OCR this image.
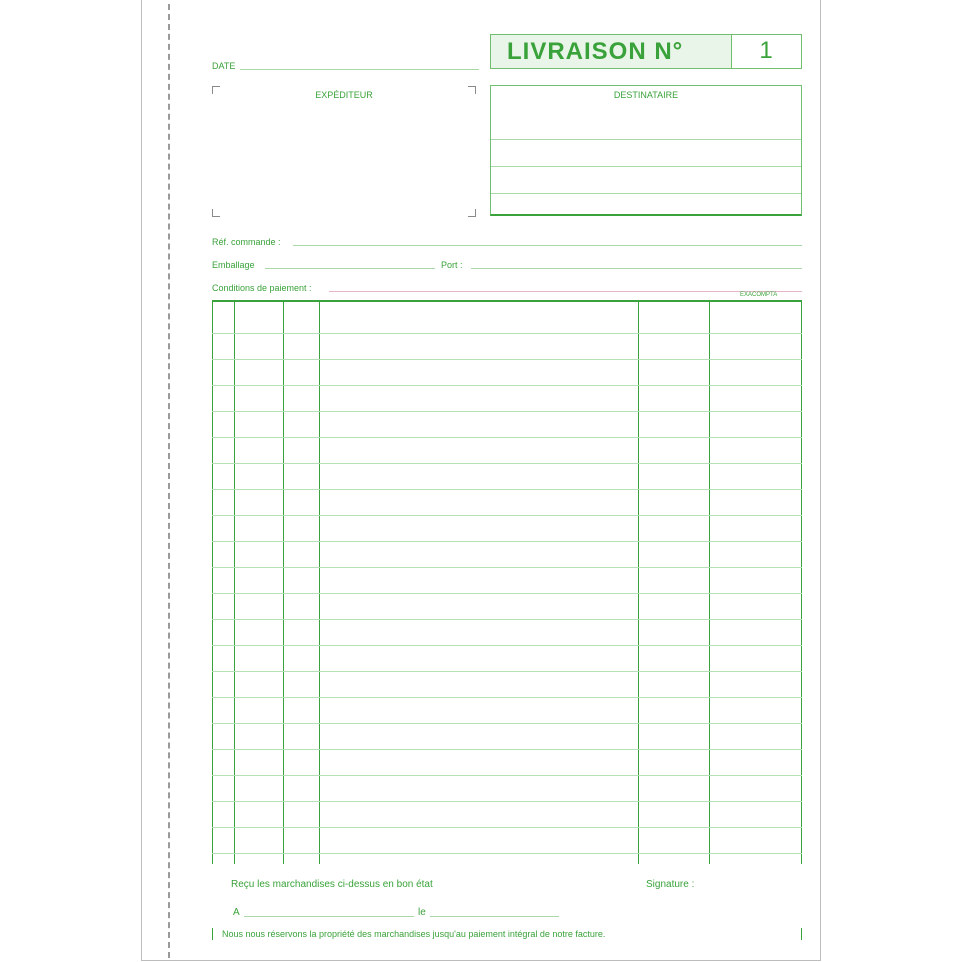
DATE
LIVRAISON N°	1
EXPÉDITEUR	DESTINATAIRE
Réf. commande :
Emballage	Port :
Conditions de paiement :
EXACOMPTA
Reçu les marchandises ci-dessus en bon état	Signature :
A	le
Nous nous réservons la propriété des marchandises jusqu'au paiement intégral de notre facture.
